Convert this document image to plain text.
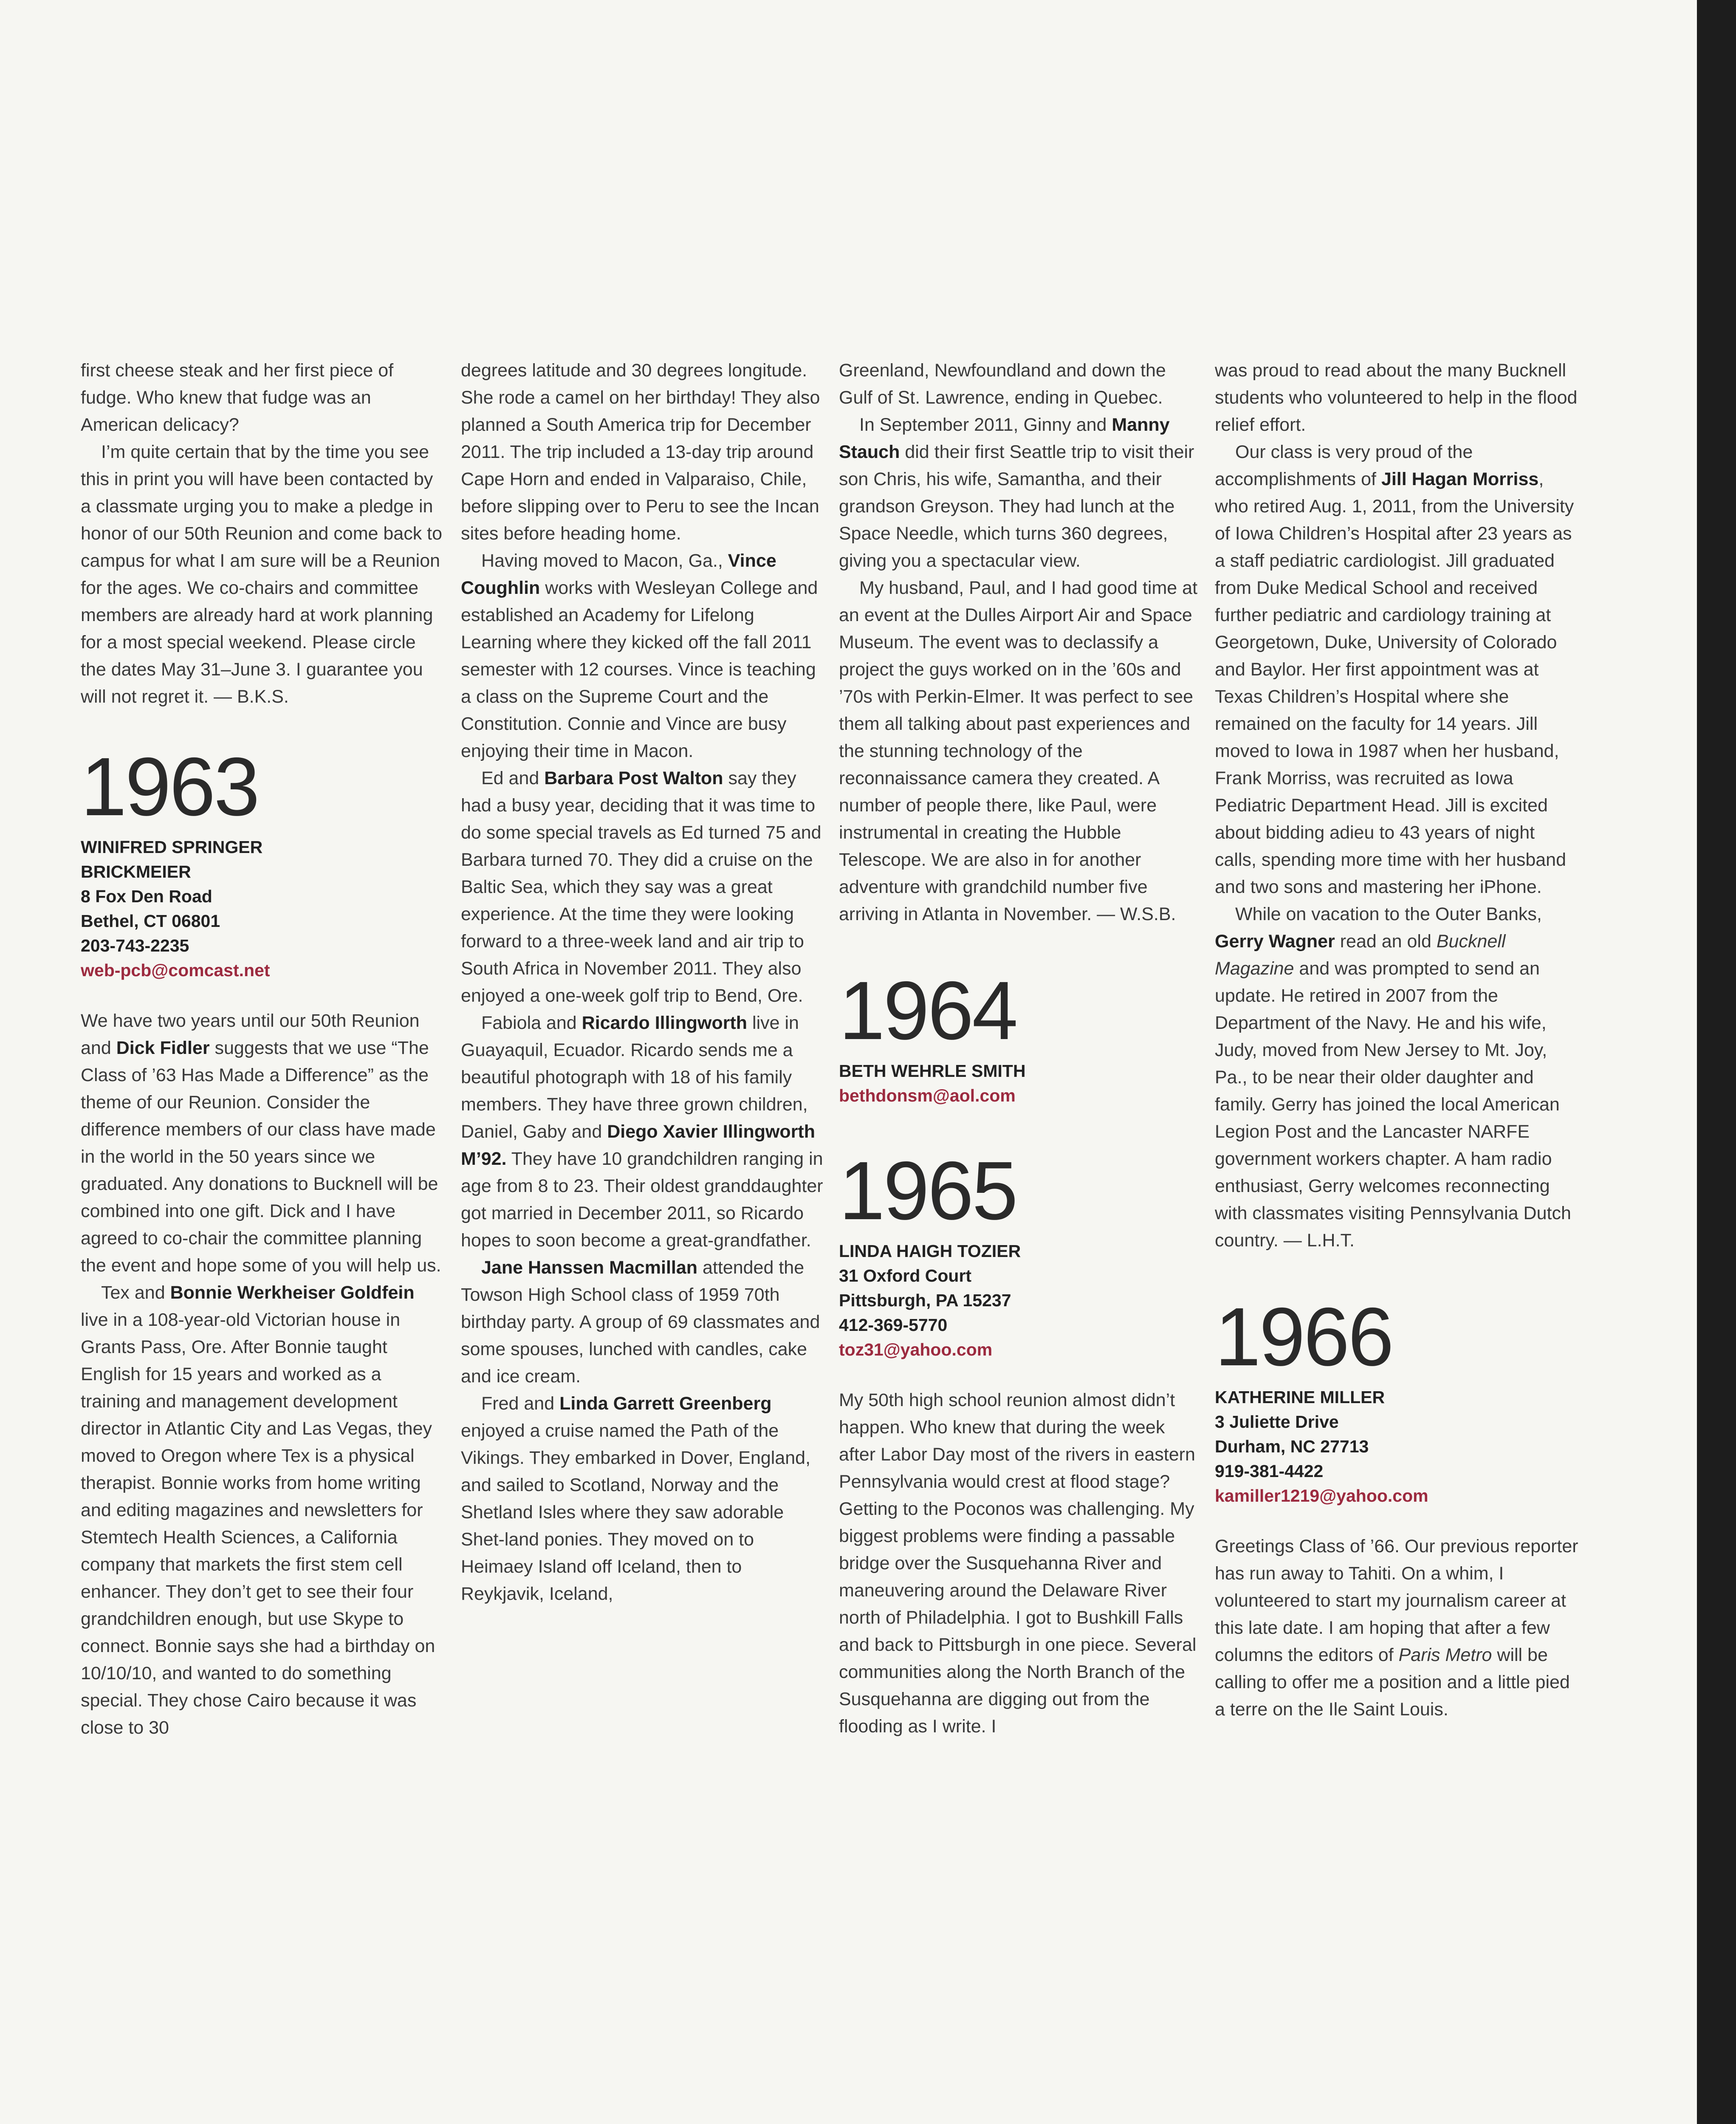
first cheese steak and her first piece of fudge. Who knew that fudge was an American delicacy?

I’m quite certain that by the time you see this in print you will have been contacted by a classmate urging you to make a pledge in honor of our 50th Reunion and come back to campus for what I am sure will be a Reunion for the ages. We co-chairs and committee members are already hard at work planning for a most special weekend. Please circle the dates May 31–June 3. I guarantee you will not regret it. — B.K.S.

1963
WINIFRED SPRINGER
BRICKMEIER
8 Fox Den Road
Bethel, CT 06801
203-743-2235
web-pcb@comcast.net

We have two years until our 50th Reunion and Dick Fidler suggests that we use “The Class of ’63 Has Made a Difference” as the theme of our Reunion. Consider the difference members of our class have made in the world in the 50 years since we graduated. Any donations to Bucknell will be combined into one gift. Dick and I have agreed to co-chair the committee planning the event and hope some of you will help us.

Tex and Bonnie Werkheiser Goldfein live in a 108-year-old Victorian house in Grants Pass, Ore. After Bonnie taught English for 15 years and worked as a training and management development director in Atlantic City and Las Vegas, they moved to Oregon where Tex is a physical therapist. Bonnie works from home writing and editing magazines and newsletters for Stemtech Health Sciences, a California company that markets the first stem cell enhancer. They don’t get to see their four grandchildren enough, but use Skype to connect. Bonnie says she had a birthday on 10/10/10, and wanted to do something special. They chose Cairo because it was close to 30

degrees latitude and 30 degrees longitude. She rode a camel on her birthday! They also planned a South America trip for December 2011. The trip included a 13-day trip around Cape Horn and ended in Valparaiso, Chile, before slipping over to Peru to see the Incan sites before heading home.

Having moved to Macon, Ga., Vince Coughlin works with Wesleyan College and established an Academy for Lifelong Learning where they kicked off the fall 2011 semester with 12 courses. Vince is teaching a class on the Supreme Court and the Constitution. Connie and Vince are busy enjoying their time in Macon.

Ed and Barbara Post Walton say they had a busy year, deciding that it was time to do some special travels as Ed turned 75 and Barbara turned 70. They did a cruise on the Baltic Sea, which they say was a great experience. At the time they were looking forward to a three-week land and air trip to South Africa in November 2011. They also enjoyed a one-week golf trip to Bend, Ore.

Fabiola and Ricardo Illingworth live in Guayaquil, Ecuador. Ricardo sends me a beautiful photograph with 18 of his family members. They have three grown children, Daniel, Gaby and Diego Xavier Illingworth M’92. They have 10 grandchildren ranging in age from 8 to 23. Their oldest granddaughter got married in December 2011, so Ricardo hopes to soon become a great-grandfather.

Jane Hanssen Macmillan attended the Towson High School class of 1959 70th birthday party. A group of 69 classmates and some spouses, lunched with candles, cake and ice cream.

Fred and Linda Garrett Greenberg enjoyed a cruise named the Path of the Vikings. They embarked in Dover, England, and sailed to Scotland, Norway and the Shetland Isles where they saw adorable Shet-land ponies. They moved on to Heimaey Island off Iceland, then to Reykjavik, Iceland,

Greenland, Newfoundland and down the Gulf of St. Lawrence, ending in Quebec.

In September 2011, Ginny and Manny Stauch did their first Seattle trip to visit their son Chris, his wife, Samantha, and their grandson Greyson. They had lunch at the Space Needle, which turns 360 degrees, giving you a spectacular view.

My husband, Paul, and I had good time at an event at the Dulles Airport Air and Space Museum. The event was to declassify a project the guys worked on in the ’60s and ’70s with Perkin-Elmer. It was perfect to see them all talking about past experiences and the stunning technology of the reconnaissance camera they created. A number of people there, like Paul, were instrumental in creating the Hubble Telescope. We are also in for another adventure with grandchild number five arriving in Atlanta in November. — W.S.B.

1964
BETH WEHRLE SMITH
bethdonsm@aol.com
1965
LINDA HAIGH TOZIER
31 Oxford Court
Pittsburgh, PA 15237
412-369-5770
toz31@yahoo.com

My 50th high school reunion almost didn’t happen. Who knew that during the week after Labor Day most of the rivers in eastern Pennsylvania would crest at flood stage? Getting to the Poconos was challenging. My biggest problems were finding a passable bridge over the Susquehanna River and maneuvering around the Delaware River north of Philadelphia. I got to Bushkill Falls and back to Pittsburgh in one piece. Several communities along the North Branch of the Susquehanna are digging out from the flooding as I write. I

was proud to read about the many Bucknell students who volunteered to help in the flood relief effort.

Our class is very proud of the accomplishments of Jill Hagan Morriss, who retired Aug. 1, 2011, from the University of Iowa Children’s Hospital after 23 years as a staff pediatric cardiologist. Jill graduated from Duke Medical School and received further pediatric and cardiology training at Georgetown, Duke, University of Colorado and Baylor. Her first appointment was at Texas Children’s Hospital where she remained on the faculty for 14 years. Jill moved to Iowa in 1987 when her husband, Frank Morriss, was recruited as Iowa Pediatric Department Head. Jill is excited about bidding adieu to 43 years of night calls, spending more time with her husband and two sons and mastering her iPhone.

While on vacation to the Outer Banks, Gerry Wagner read an old Bucknell Magazine and was prompted to send an update. He retired in 2007 from the Department of the Navy. He and his wife, Judy, moved from New Jersey to Mt. Joy, Pa., to be near their older daughter and family. Gerry has joined the local American Legion Post and the Lancaster NARFE government workers chapter. A ham radio enthusiast, Gerry welcomes reconnecting with classmates visiting Pennsylvania Dutch country. — L.H.T.

1966
KATHERINE MILLER
3 Juliette Drive
Durham, NC 27713
919-381-4422
kamiller1219@yahoo.com

Greetings Class of ’66. Our previous reporter has run away to Tahiti. On a whim, I volunteered to start my journalism career at this late date. I am hoping that after a few columns the editors of Paris Metro will be calling to offer me a position and a little pied a terre on the Ile Saint Louis.
